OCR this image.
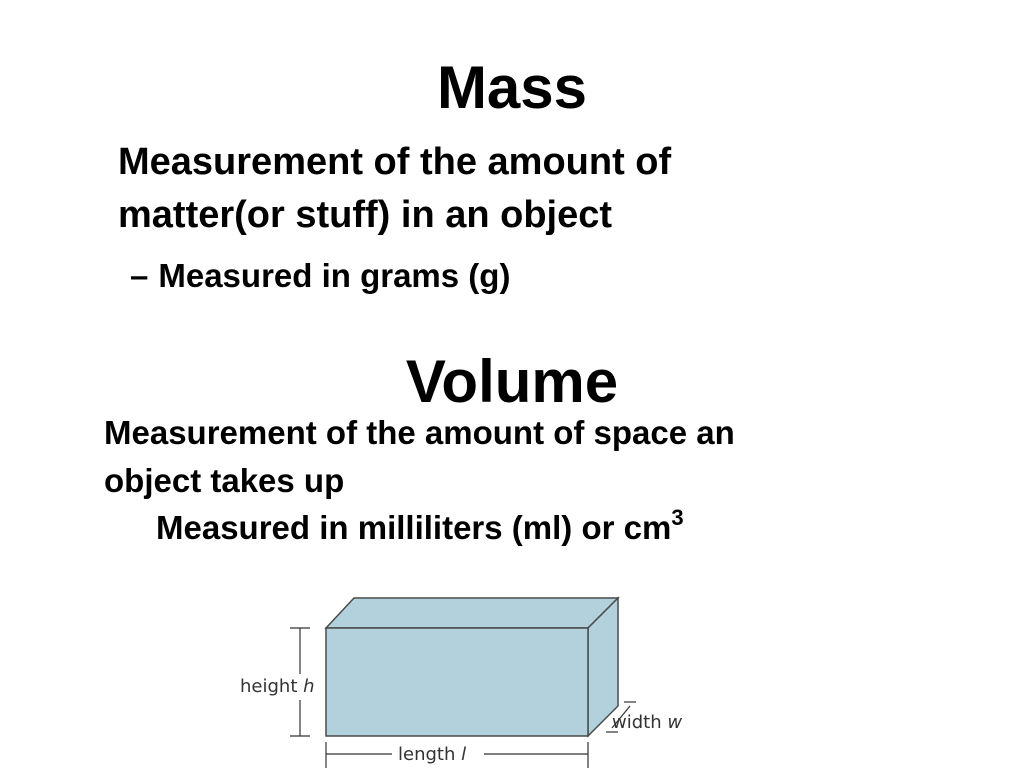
Mass

Measurement of the amount of

matter(or stuff) in an object

– Measured in grams (g)

Volume

Measurement of the amount of space an

object takes up

Measured in milliliters (ml) or $cm^3$

height h
width w
length l
